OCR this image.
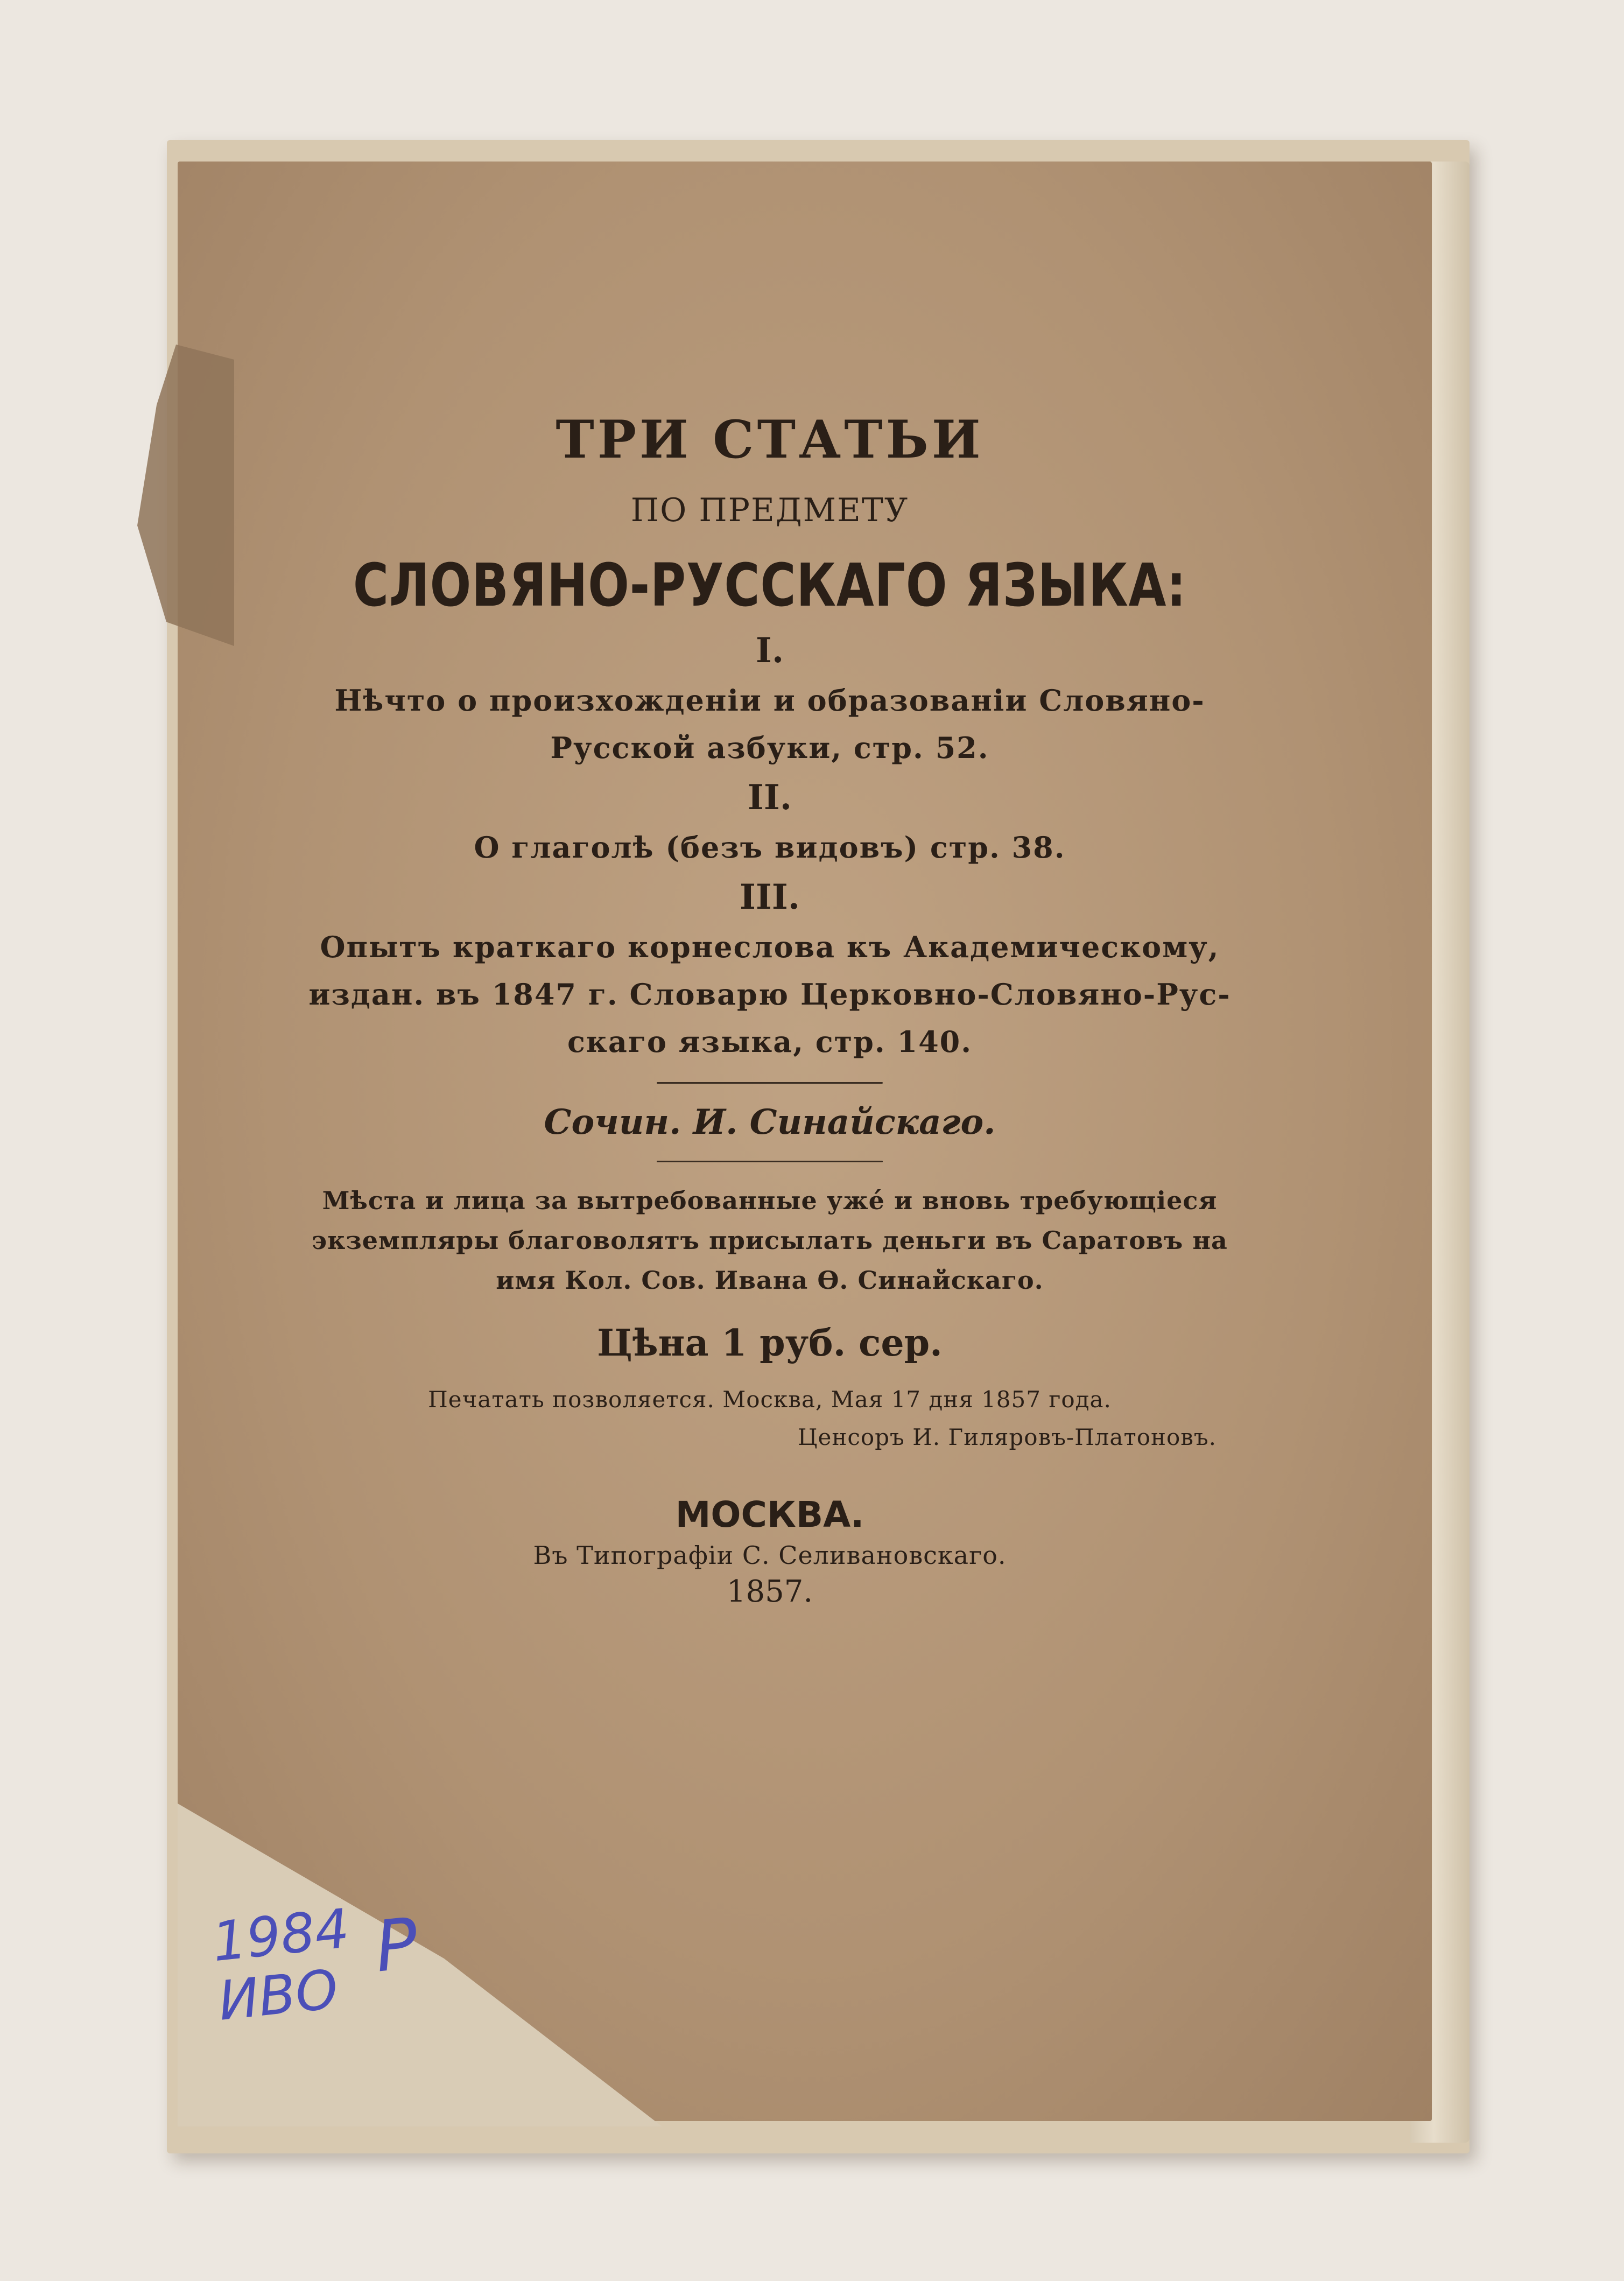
ТРИ СТАТЬИ
ПО ПРЕДМЕТУ
СЛОВЯНО-РУССКАГО ЯЗЫКА:
I.
Нѣчто о произхожденіи и образованіи Словяно-
Русской азбуки, стр. 52.
II.
О глаголѣ (безъ видовъ) стр. 38.
III.
Опытъ краткаго корнеслова къ Академическому,
издан. въ 1847 г. Словарю Церковно-Словяно-Рус-
скаго языка, стр. 140.
Сочин. И. Синайскаго.
Мѣста и лица за вытребованные ужé и вновь требующіеся
экземпляры благоволятъ присылать деньги въ Саратовъ на
имя Кол. Сов. Ивана Ѳ. Синайскаго.
Цѣна 1 руб. сер.
Печатать позволяется. Москва, Мая 17 дня 1857 года.
Ценсоръ И. Гиляровъ-Платоновъ.
МОСКВА.
Въ Типографіи С. Селивановскаго.
1857.
1984
ИВО
Р
